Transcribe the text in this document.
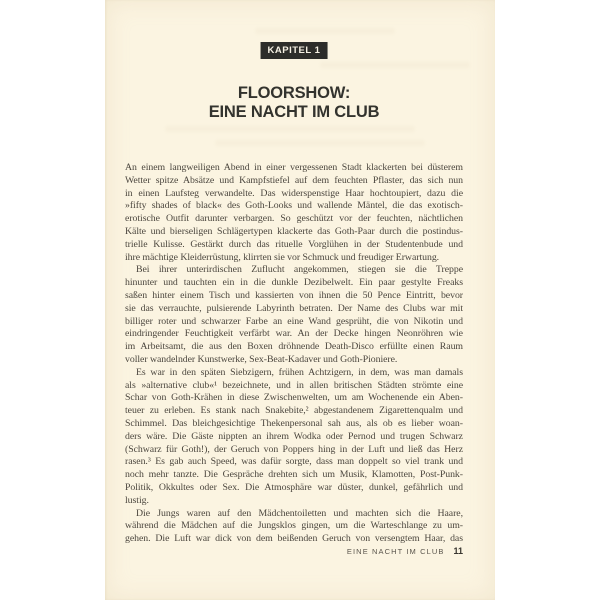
KAPITEL 1
FLOORSHOW:
EINE NACHT IM CLUB
An einem langweiligen Abend in einer vergessenen Stadt klackerten bei düsterem
Wetter spitze Absätze und Kampfstiefel auf dem feuchten Pflaster, das sich nun
in einen Laufsteg verwandelte. Das widerspenstige Haar hochtoupiert, dazu die
»fifty shades of black« des Goth-Looks und wallende Mäntel, die das exotisch-
erotische Outfit darunter verbargen. So geschützt vor der feuchten, nächtlichen
Kälte und bierseligen Schlägertypen klackerte das Goth-Paar durch die postindus-
trielle Kulisse. Gestärkt durch das rituelle Vorglühen in der Studentenbude und
ihre mächtige Kleiderrüstung, klirrten sie vor Schmuck und freudiger Erwartung.
Bei ihrer unterirdischen Zuflucht angekommen, stiegen sie die Treppe
hinunter und tauchten ein in die dunkle Dezibelwelt. Ein paar gestylte Freaks
saßen hinter einem Tisch und kassierten von ihnen die 50 Pence Eintritt, bevor
sie das verrauchte, pulsierende Labyrinth betraten. Der Name des Clubs war mit
billiger roter und schwarzer Farbe an eine Wand gesprüht, die von Nikotin und
eindringender Feuchtigkeit verfärbt war. An der Decke hingen Neonröhren wie
im Arbeitsamt, die aus den Boxen dröhnende Death-Disco erfüllte einen Raum
voller wandelnder Kunstwerke, Sex-Beat-Kadaver und Goth-Pioniere.
Es war in den späten Siebzigern, frühen Achtzigern, in dem, was man damals
als »alternative club«¹ bezeichnete, und in allen britischen Städten strömte eine
Schar von Goth-Krähen in diese Zwischenwelten, um am Wochenende ein Aben-
teuer zu erleben. Es stank nach Snakebite,² abgestandenem Zigarettenqualm und
Schimmel. Das bleichgesichtige Thekenpersonal sah aus, als ob es lieber woan-
ders wäre. Die Gäste nippten an ihrem Wodka oder Pernod und trugen Schwarz
(Schwarz für Goth!), der Geruch von Poppers hing in der Luft und ließ das Herz
rasen.³ Es gab auch Speed, was dafür sorgte, dass man doppelt so viel trank und
noch mehr tanzte. Die Gespräche drehten sich um Musik, Klamotten, Post-Punk-
Politik, Okkultes oder Sex. Die Atmosphäre war düster, dunkel, gefährlich und
lustig.
Die Jungs waren auf den Mädchentoiletten und machten sich die Haare,
während die Mädchen auf die Jungsklos gingen, um die Warteschlange zu um-
gehen. Die Luft war dick von dem beißenden Geruch von versengtem Haar, das
EINE NACHT IM CLUB 11
